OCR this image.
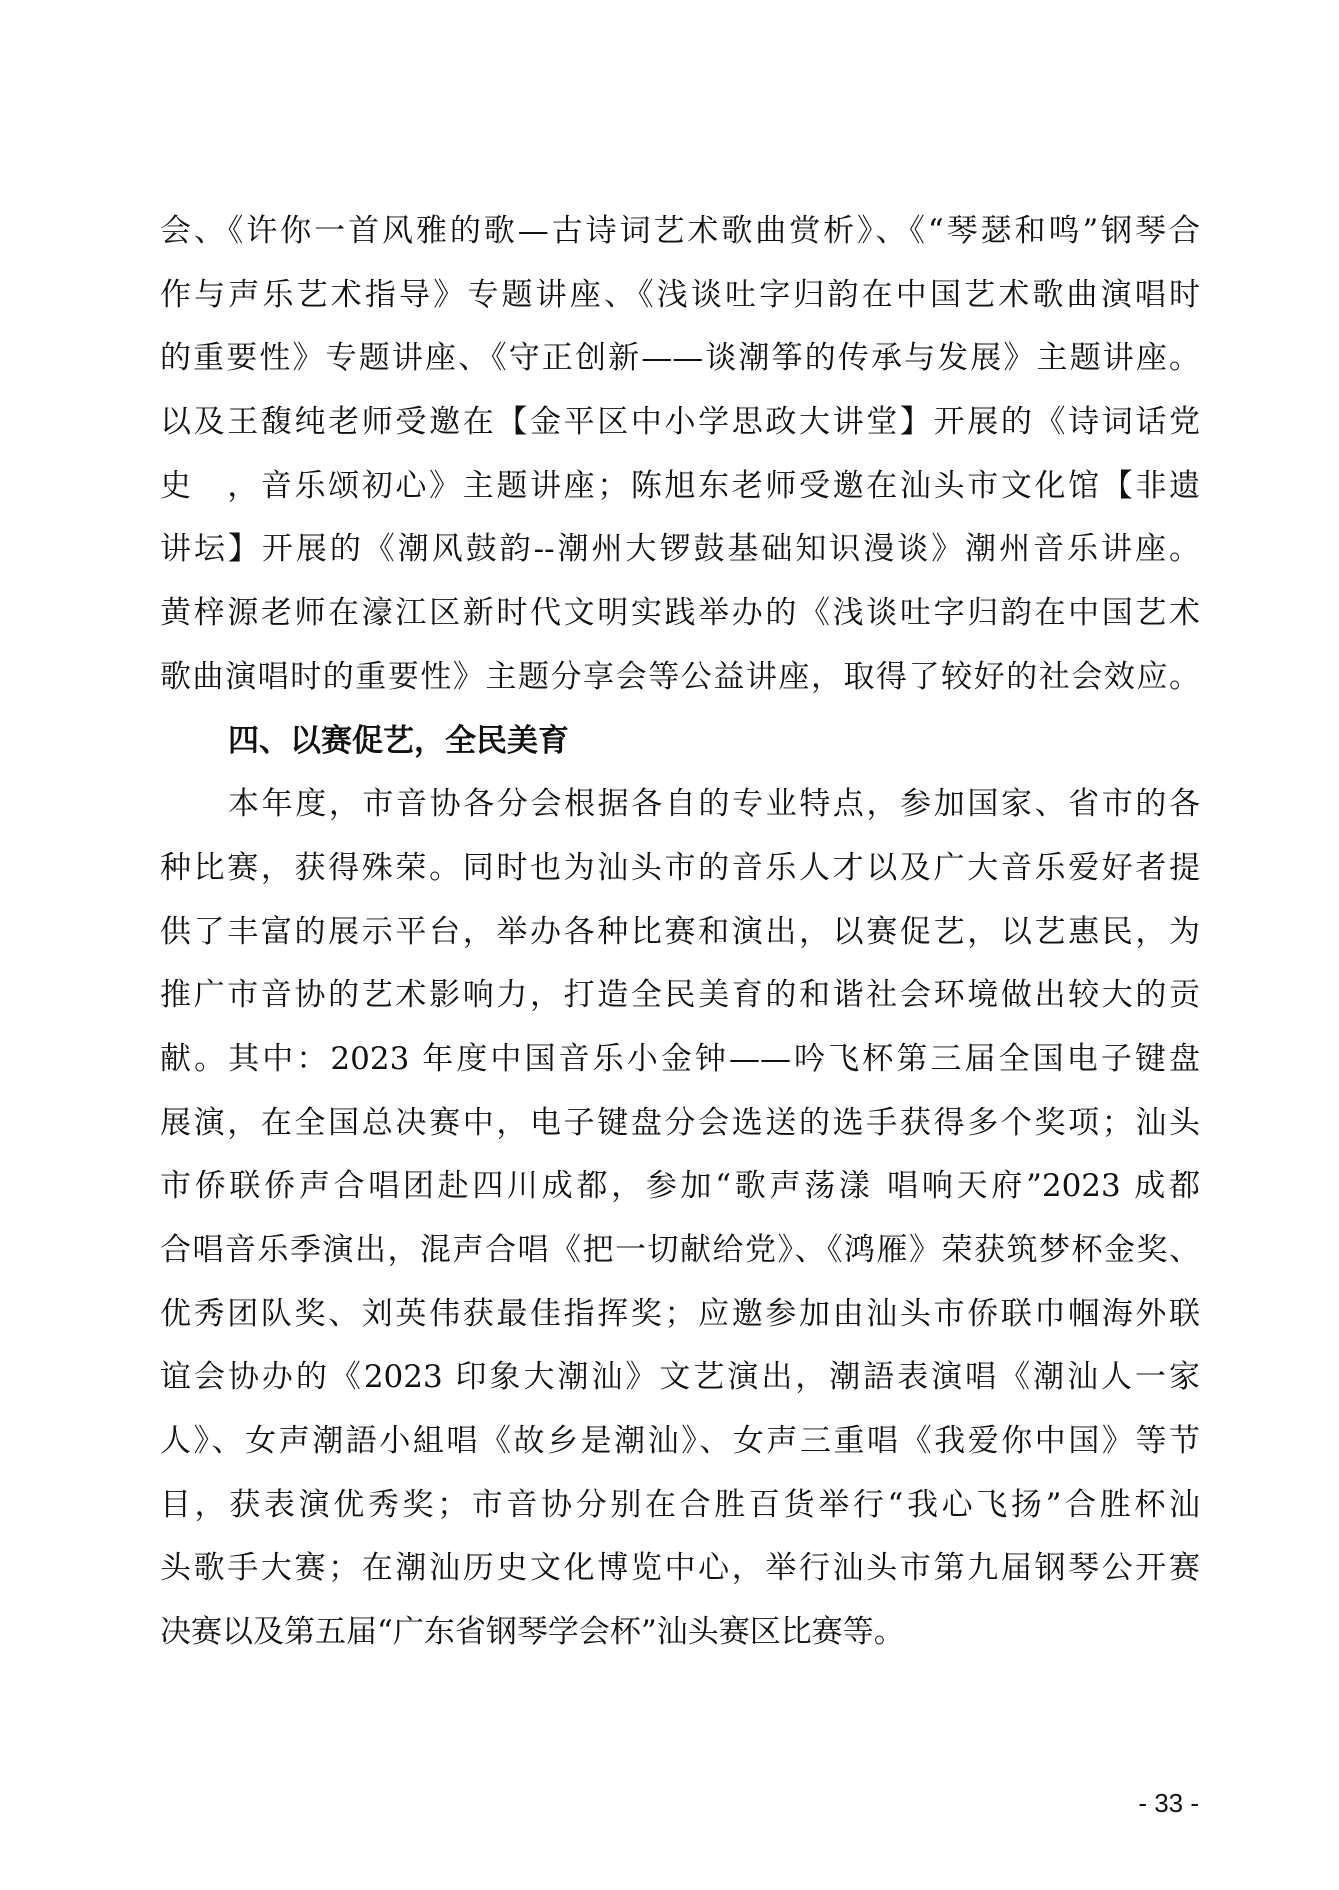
会、《许你一首风雅的歌—古诗词艺术歌曲赏析》、《“琴瑟和鸣”钢琴合
作与声乐艺术指导》专题讲座、《浅谈吐字归韵在中国艺术歌曲演唱时
的重要性》专题讲座、《守正创新——谈潮筝的传承与发展》主题讲座。
以及王馥纯老师受邀在【金平区中小学思政大讲堂】开展的《诗词话党
史　，音乐颂初心》主题讲座；陈旭东老师受邀在汕头市文化馆【非遗
讲坛】开展的《潮风鼓韵--潮州大锣鼓基础知识漫谈》潮州音乐讲座。
黄梓源老师在濠江区新时代文明实践举办的《浅谈吐字归韵在中国艺术
歌曲演唱时的重要性》主题分享会等公益讲座，取得了较好的社会效应。
四、以赛促艺，全民美育
本年度，市音协各分会根据各自的专业特点，参加国家、省市的各
种比赛，获得殊荣。同时也为汕头市的音乐人才以及广大音乐爱好者提
供了丰富的展示平台，举办各种比赛和演出，以赛促艺，以艺惠民，为
推广市音协的艺术影响力，打造全民美育的和谐社会环境做出较大的贡
献。其中：2023 年度中国音乐小金钟——吟飞杯第三届全国电子键盘
展演，在全国总决赛中，电子键盘分会选送的选手获得多个奖项；汕头
市侨联侨声合唱团赴四川成都，参加“歌声荡漾 唱响天府”2023 成都
合唱音乐季演出，混声合唱《把一切献给党》、《鸿雁》荣获筑梦杯金奖、
优秀团队奖、刘英伟获最佳指挥奖；应邀参加由汕头市侨联巾帼海外联
谊会协办的《2023 印象大潮汕》文艺演出，潮語表演唱《潮汕人一家
人》、女声潮語小組唱《故乡是潮汕》、女声三重唱《我爱你中国》等节
目，获表演优秀奖；市音协分别在合胜百货举行“我心飞扬”合胜杯汕
头歌手大赛；在潮汕历史文化博览中心，举行汕头市第九届钢琴公开赛
决赛以及第五届“广东省钢琴学会杯”汕头赛区比赛等。
- 33 -
